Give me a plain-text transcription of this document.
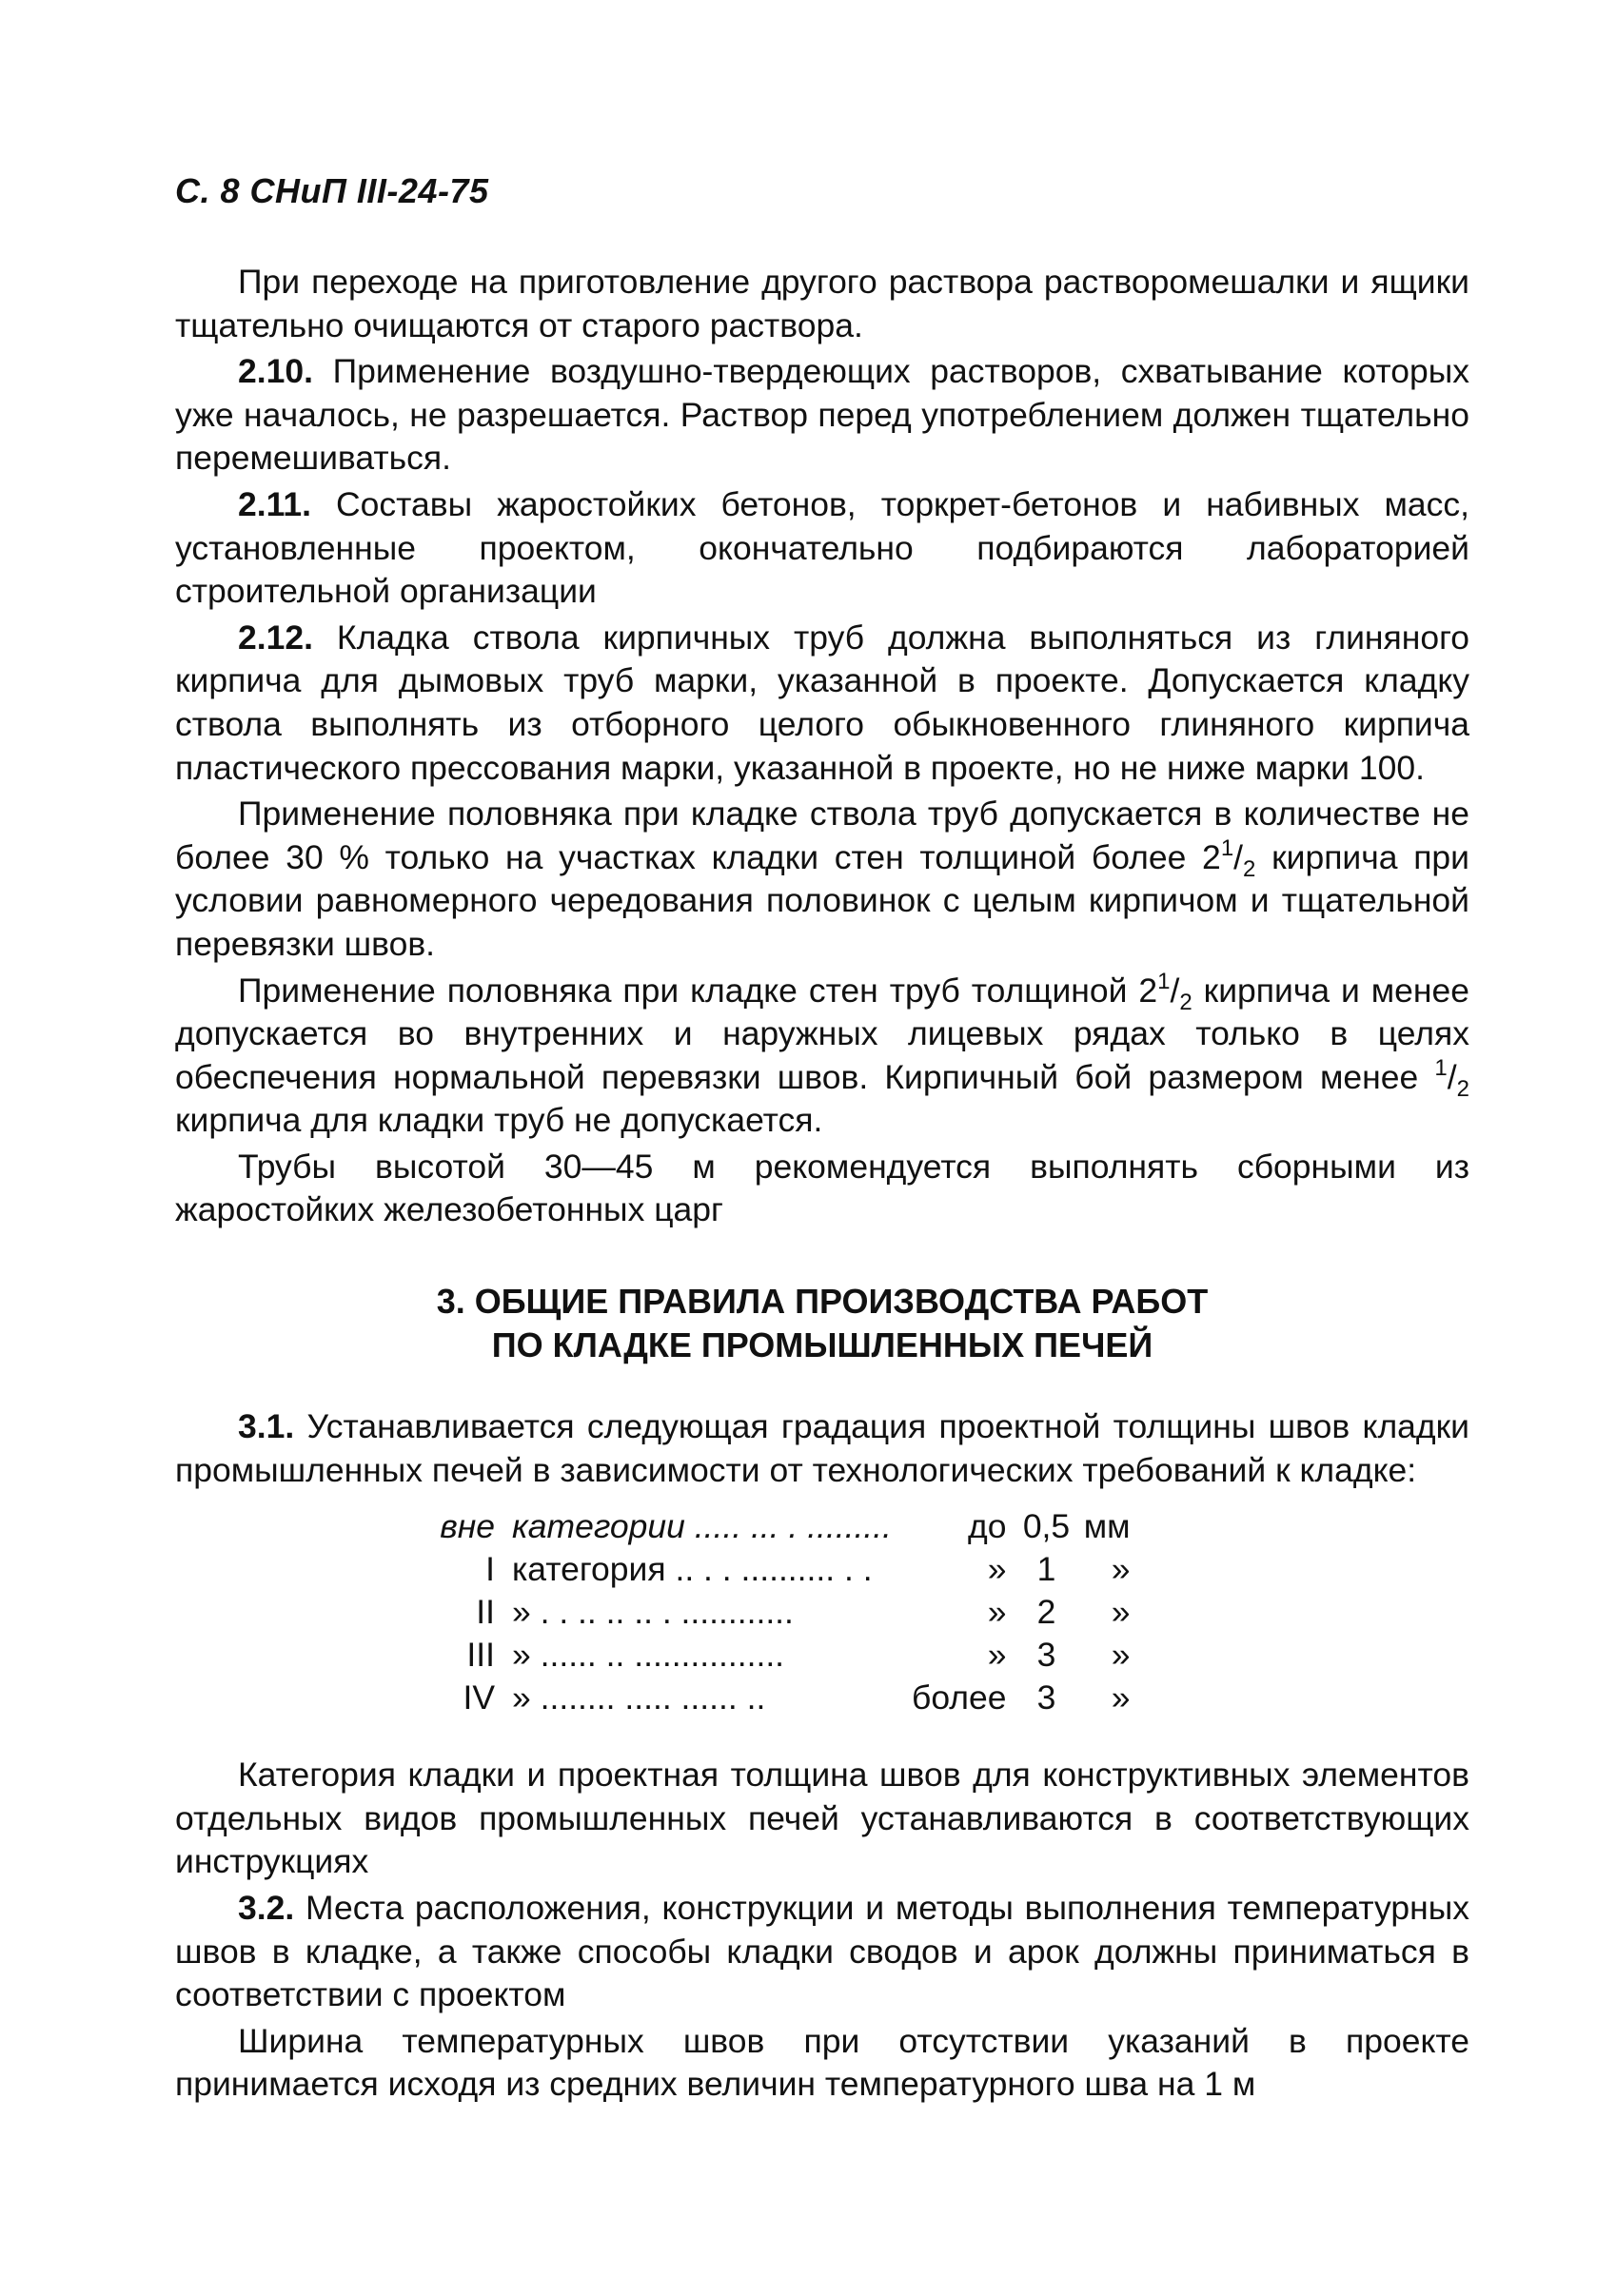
С. 8 СНиП III-24-75

При переходе на приготовление другого раствора растворомешалки и ящики тщательно очищаются от старого раствора.

2.10. Применение воздушно-твердеющих растворов, схватывание которых уже началось, не разрешается. Раствор перед употреблением должен тщательно перемешиваться.

2.11. Составы жаростойких бетонов, торкрет-бетонов и набивных масс, установленные проектом, окончательно подбираются лабораторией строительной организации

2.12. Кладка ствола кирпичных труб должна выполняться из глиняного кирпича для дымовых труб марки, указанной в проекте. Допускается кладку ствола выполнять из отборного целого обыкновенного глиняного кирпича пластического прессования марки, указанной в проекте, но не ниже марки 100.

Применение половняка при кладке ствола труб допускается в количестве не более 30 % только на участках кладки стен толщиной более $2^1/_2$ кирпича при условии равномерного чередования половинок с целым кирпичом и тщательной перевязки швов.

Применение половняка при кладке стен труб толщиной $2^1/_2$ кирпича и менее допускается во внутренних и наружных лицевых рядах только в целях обеспечения нормальной перевязки швов. Кирпичный бой размером менее $^1/_2$ кирпича для кладки труб не допускается.

Трубы высотой 30—45 м рекомендуется выполнять сборными из жаростойких железобетонных царг

3. ОБЩИЕ ПРАВИЛА ПРОИЗВОДСТВА РАБОТ
ПО КЛАДКЕ ПРОМЫШЛЕННЫХ ПЕЧЕЙ

3.1. Устанавливается следующая градация проектной толщины швов кладки промышленных печей в зависимости от технологических требований к кладке:

вне	категории ..... ... . .........	до	0,5	мм
I	категория .. . . .......... . .	»	1	»
II	» . . .. .. .. . ............	»	2	»
III	» ...... .. ................	»	3	»
IV	» ........ ..... ...... ..	более	3	»

Категория кладки и проектная толщина швов для конструктивных элементов отдельных видов промышленных печей устанавливаются в соответствующих инструкциях

3.2. Места расположения, конструкции и методы выполнения температурных швов в кладке, а также способы кладки сводов и арок должны приниматься в соответствии с проектом

Ширина температурных швов при отсутствии указаний в проекте принимается исходя из средних величин температурного шва на 1 м
